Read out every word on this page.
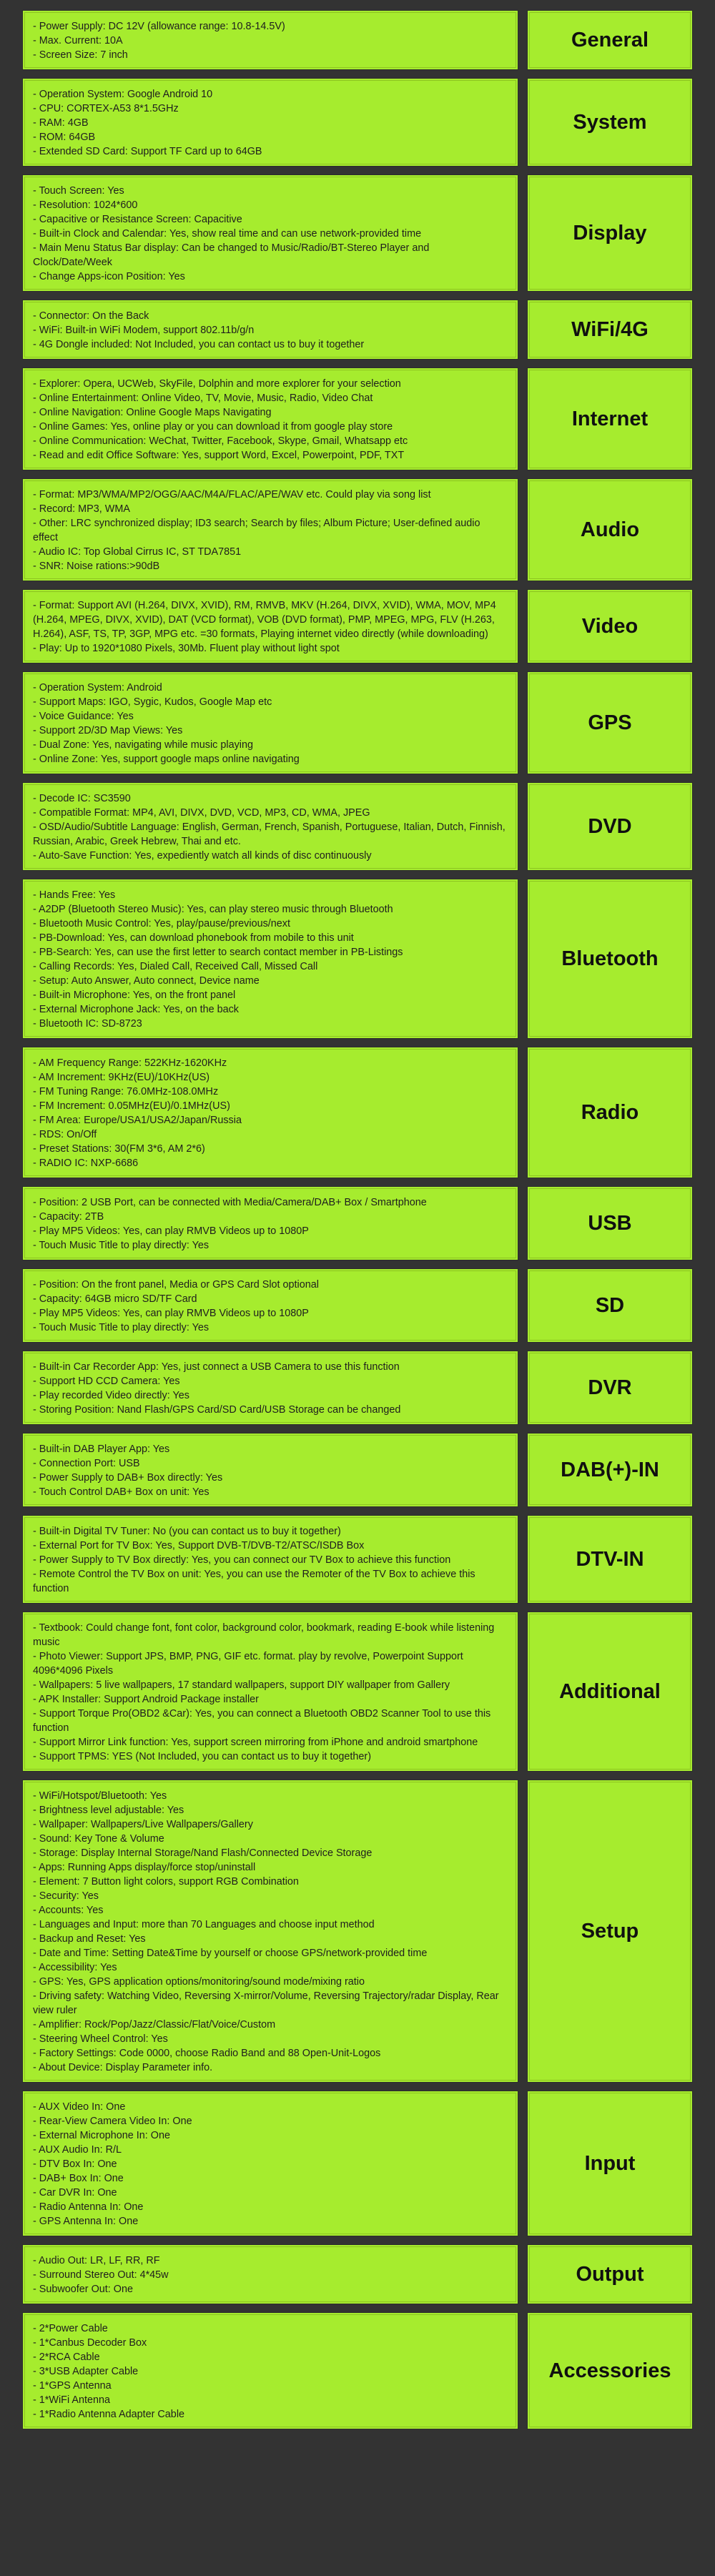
- Power Supply: DC 12V (allowance range: 10.8-14.5V)
- Max. Current: 10A
- Screen Size: 7 inch
General
- Operation System: Google Android 10
- CPU: CORTEX-A53 8*1.5GHz
- RAM: 4GB
- ROM: 64GB
- Extended SD Card: Support TF Card up to 64GB
System
- Touch Screen: Yes
- Resolution: 1024*600
- Capacitive or Resistance Screen: Capacitive
- Built-in Clock and Calendar: Yes, show real time and can use network-provided time
- Main Menu Status Bar display: Can be changed to Music/Radio/BT-Stereo Player and Clock/Date/Week
- Change Apps-icon Position: Yes
Display
- Connector: On the Back
- WiFi: Built-in WiFi Modem, support 802.11b/g/n
- 4G Dongle included: Not Included, you can contact us to buy it together
WiFi/4G
- Explorer: Opera, UCWeb, SkyFile, Dolphin and more explorer for your selection
- Online Entertainment: Online Video, TV, Movie, Music, Radio, Video Chat
- Online Navigation: Online Google Maps Navigating
- Online Games: Yes, online play or you can download it from google play store
- Online Communication: WeChat, Twitter, Facebook, Skype, Gmail, Whatsapp etc
- Read and edit Office Software: Yes, support Word, Excel, Powerpoint, PDF, TXT
Internet
- Format: MP3/WMA/MP2/OGG/AAC/M4A/FLAC/APE/WAV etc. Could play via song list
- Record: MP3, WMA
- Other: LRC synchronized display; ID3 search; Search by files; Album Picture; User-defined audio effect
- Audio IC: Top Global Cirrus IC, ST TDA7851
- SNR: Noise rations:>90dB
Audio
- Format: Support AVI (H.264, DIVX, XVID), RM, RMVB, MKV (H.264, DIVX, XVID), WMA, MOV, MP4 (H.264, MPEG, DIVX, XVID), DAT (VCD format), VOB (DVD format), PMP, MPEG, MPG, FLV (H.263, H.264), ASF, TS, TP, 3GP, MPG etc. =30 formats, Playing internet video directly (while downloading)
- Play: Up to 1920*1080 Pixels, 30Mb. Fluent play without light spot
Video
- Operation System: Android
- Support Maps: IGO, Sygic, Kudos, Google Map etc
- Voice Guidance: Yes
- Support 2D/3D Map Views: Yes
- Dual Zone: Yes, navigating while music playing
- Online Zone: Yes, support google maps online navigating
GPS
- Decode IC: SC3590
- Compatible Format: MP4, AVI, DIVX, DVD, VCD, MP3, CD, WMA, JPEG
- OSD/Audio/Subtitle Language: English, German, French, Spanish, Portuguese, Italian, Dutch, Finnish, Russian, Arabic, Greek Hebrew, Thai and etc.
- Auto-Save Function: Yes, expediently watch all kinds of disc continuously
DVD
- Hands Free: Yes
- A2DP (Bluetooth Stereo Music): Yes, can play stereo music through Bluetooth
- Bluetooth Music Control: Yes, play/pause/previous/next
- PB-Download: Yes, can download phonebook from mobile to this unit
- PB-Search: Yes, can use the first letter to search contact member in PB-Listings
- Calling Records: Yes, Dialed Call, Received Call, Missed Call
- Setup: Auto Answer, Auto connect, Device name
- Built-in Microphone: Yes, on the front panel
- External Microphone Jack: Yes, on the back
- Bluetooth IC: SD-8723
Bluetooth
- AM Frequency Range: 522KHz-1620KHz
- AM Increment: 9KHz(EU)/10KHz(US)
- FM Tuning Range: 76.0MHz-108.0MHz
- FM Increment: 0.05MHz(EU)/0.1MHz(US)
- FM Area: Europe/USA1/USA2/Japan/Russia
- RDS: On/Off
- Preset Stations: 30(FM 3*6, AM 2*6)
- RADIO IC: NXP-6686
Radio
- Position: 2 USB Port, can be connected with Media/Camera/DAB+ Box / Smartphone
- Capacity: 2TB
- Play MP5 Videos: Yes, can play RMVB Videos up to 1080P
- Touch Music Title to play directly: Yes
USB
- Position: On the front panel, Media or GPS Card Slot optional
- Capacity: 64GB micro SD/TF Card
- Play MP5 Videos: Yes, can play RMVB Videos up to 1080P
- Touch Music Title to play directly: Yes
SD
- Built-in Car Recorder App: Yes, just connect a USB Camera to use this function
- Support HD CCD Camera: Yes
- Play recorded Video directly: Yes
- Storing Position: Nand Flash/GPS Card/SD Card/USB Storage can be changed
DVR
- Built-in DAB Player App: Yes
- Connection Port: USB
- Power Supply to DAB+ Box directly: Yes
- Touch Control DAB+ Box on unit: Yes
DAB(+)-IN
- Built-in Digital TV Tuner: No (you can contact us to buy it together)
- External Port for TV Box: Yes, Support DVB-T/DVB-T2/ATSC/ISDB Box
- Power Supply to TV Box directly: Yes, you can connect our TV Box to achieve this function
- Remote Control the TV Box on unit: Yes, you can use the Remoter of the TV Box to achieve this function
DTV-IN
- Textbook: Could change font, font color, background color, bookmark, reading E-book while listening music
- Photo Viewer: Support JPS, BMP, PNG, GIF etc. format. play by revolve, Powerpoint Support 4096*4096 Pixels
- Wallpapers: 5 live wallpapers, 17 standard wallpapers, support DIY wallpaper from Gallery
- APK Installer: Support Android Package installer
- Support Torque Pro(OBD2 &Car): Yes, you can connect a Bluetooth OBD2 Scanner Tool to use this function
- Support Mirror Link function: Yes, support screen mirroring from iPhone and android smartphone
- Support TPMS: YES (Not Included, you can contact us to buy it together)
Additional
- WiFi/Hotspot/Bluetooth: Yes
- Brightness level adjustable: Yes
- Wallpaper: Wallpapers/Live Wallpapers/Gallery
- Sound: Key Tone & Volume
- Storage: Display Internal Storage/Nand Flash/Connected Device Storage
- Apps: Running Apps display/force stop/uninstall
- Element: 7 Button light colors, support RGB Combination
- Security: Yes
- Accounts: Yes
- Languages and Input: more than 70 Languages and choose input method
- Backup and Reset: Yes
- Date and Time: Setting Date&Time by yourself or choose GPS/network-provided time
- Accessibility: Yes
- GPS: Yes, GPS application options/monitoring/sound mode/mixing ratio
- Driving safety: Watching Video, Reversing X-mirror/Volume, Reversing Trajectory/radar Display, Rear view ruler
- Amplifier: Rock/Pop/Jazz/Classic/Flat/Voice/Custom
- Steering Wheel Control: Yes
- Factory Settings: Code 0000, choose Radio Band and 88 Open-Unit-Logos
- About Device: Display Parameter info.
Setup
- AUX Video In: One
- Rear-View Camera Video In: One
- External Microphone In: One
- AUX Audio In: R/L
- DTV Box In: One
- DAB+ Box In: One
- Car DVR In: One
- Radio Antenna In: One
- GPS Antenna In: One
Input
- Audio Out: LR, LF, RR, RF
- Surround Stereo Out: 4*45w
- Subwoofer Out: One
Output
- 2*Power Cable
- 1*Canbus Decoder Box
- 2*RCA Cable
- 3*USB Adapter Cable
- 1*GPS Antenna
- 1*WiFi Antenna
- 1*Radio Antenna Adapter Cable
Accessories
